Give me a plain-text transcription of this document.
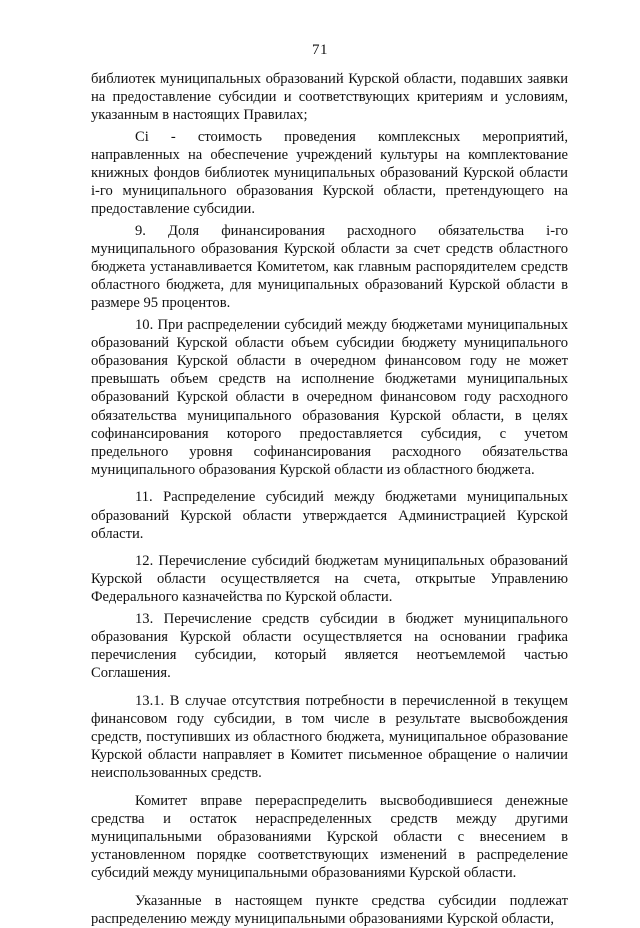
71

библиотек муниципальных образований Курской области, подавших заявки на предоставление субсидии и соответствующих критериям и условиям, указанным в настоящих Правилах;

Ci - стоимость проведения комплексных мероприятий, направленных на обеспечение учреждений культуры на комплектование книжных фондов библиотек муниципальных образований Курской области i-го муниципального образования Курской области, претендующего на предоставление субсидии.

9. Доля финансирования расходного обязательства i-го муниципального образования Курской области за счет средств областного бюджета устанавливается Комитетом, как главным распорядителем средств областного бюджета, для муниципальных образований Курской области в размере 95 процентов.

10. При распределении субсидий между бюджетами муниципальных образований Курской области объем субсидии бюджету муниципального образования Курской области в очередном финансовом году не может превышать объем средств на исполнение бюджетами муниципальных образований Курской области в очередном финансовом году расходного обязательства муниципального образования Курской области, в целях софинансирования которого предоставляется субсидия, с учетом предельного уровня софинансирования расходного обязательства муниципального образования Курской области из областного бюджета.

11. Распределение субсидий между бюджетами муниципальных образований Курской области утверждается Администрацией Курской области.

12. Перечисление субсидий бюджетам муниципальных образований Курской области осуществляется на счета, открытые Управлению Федерального казначейства по Курской области.

13. Перечисление средств субсидии в бюджет муниципального образования Курской области осуществляется на основании графика перечисления субсидии, который является неотъемлемой частью Соглашения.

13.1. В случае отсутствия потребности в перечисленной в текущем финансовом году субсидии, в том числе в результате высвобождения средств, поступивших из областного бюджета, муниципальное образование Курской области направляет в Комитет письменное обращение о наличии неиспользованных средств.

Комитет вправе перераспределить высвободившиеся денежные средства и остаток нераспределенных средств между другими муниципальными образованиями Курской области с внесением в установленном порядке соответствующих изменений в распределение субсидий между муниципальными образованиями Курской области.

Указанные в настоящем пункте средства субсидии подлежат распределению между муниципальными образованиями Курской области,
